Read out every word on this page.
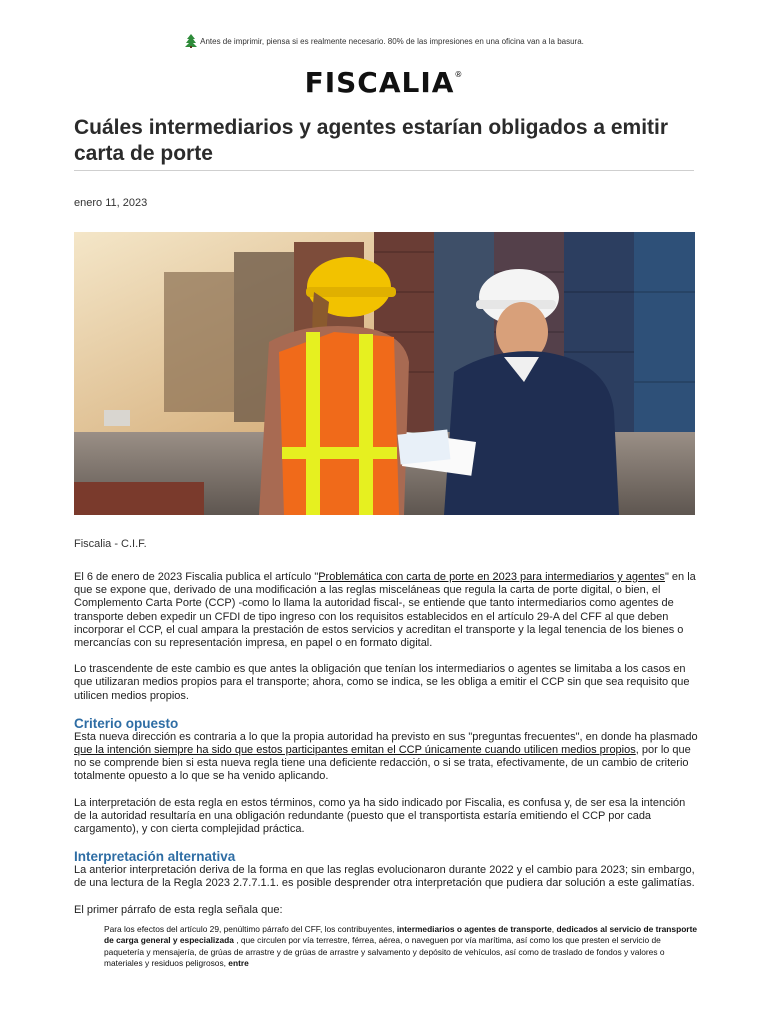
Antes de imprimir, piensa si es realmente necesario. 80% de las impresiones en una oficina van a la basura.
FISCALIA®
Cuáles intermediarios y agentes estarían obligados a emitir carta de porte
enero 11, 2023
Fiscalia - C.I.F.

El 6 de enero de 2023 Fiscalia publica el artículo "Problemática con carta de porte en 2023 para intermediarios y agentes" en la que se expone que, derivado de una modificación a las reglas misceláneas que regula la carta de porte digital, o bien, el Complemento Carta Porte (CCP) -como lo llama la autoridad fiscal-, se entiende que tanto intermediarios como agentes de transporte deben expedir un CFDI de tipo ingreso con los requisitos establecidos en el artículo 29-A del CFF al que deben incorporar el CCP, el cual ampara la prestación de estos servicios y acreditan el transporte y la legal tenencia de los bienes o mercancías con su representación impresa, en papel o en formato digital.

Lo trascendente de este cambio es que antes la obligación que tenían los intermediarios o agentes se limitaba a los casos en que utilizaran medios propios para el transporte; ahora, como se indica, se les obliga a emitir el CCP sin que sea requisito que utilicen medios propios.

Criterio opuesto

Esta nueva dirección es contraria a lo que la propia autoridad ha previsto en sus "preguntas frecuentes", en donde ha plasmado que la intención siempre ha sido que estos participantes emitan el CCP únicamente cuando utilicen medios propios, por lo que no se comprende bien si esta nueva regla tiene una deficiente redacción, o si se trata, efectivamente, de un cambio de criterio totalmente opuesto a lo que se ha venido aplicando.

La interpretación de esta regla en estos términos, como ya ha sido indicado por Fiscalia, es confusa y, de ser esa la intención de la autoridad resultaría en una obligación redundante (puesto que el transportista estaría emitiendo el CCP por cada cargamento), y con cierta complejidad práctica.

Interpretación alternativa

La anterior interpretación deriva de la forma en que las reglas evolucionaron durante 2022 y el cambio para 2023; sin embargo, de una lectura de la Regla 2023 2.7.7.1.1. es posible desprender otra interpretación que pudiera dar solución a este galimatías.

El primer párrafo de esta regla señala que:

Para los efectos del artículo 29, penúltimo párrafo del CFF, los contribuyentes, intermediarios o agentes de transporte, dedicados al servicio de transporte de carga general y especializada , que circulen por vía terrestre, férrea, aérea, o naveguen por vía marítima, así como los que presten el servicio de paquetería y mensajería, de grúas de arrastre y de grúas de arrastre y salvamento y depósito de vehículos, así como de traslado de fondos y valores o materiales y residuos peligrosos, entre
